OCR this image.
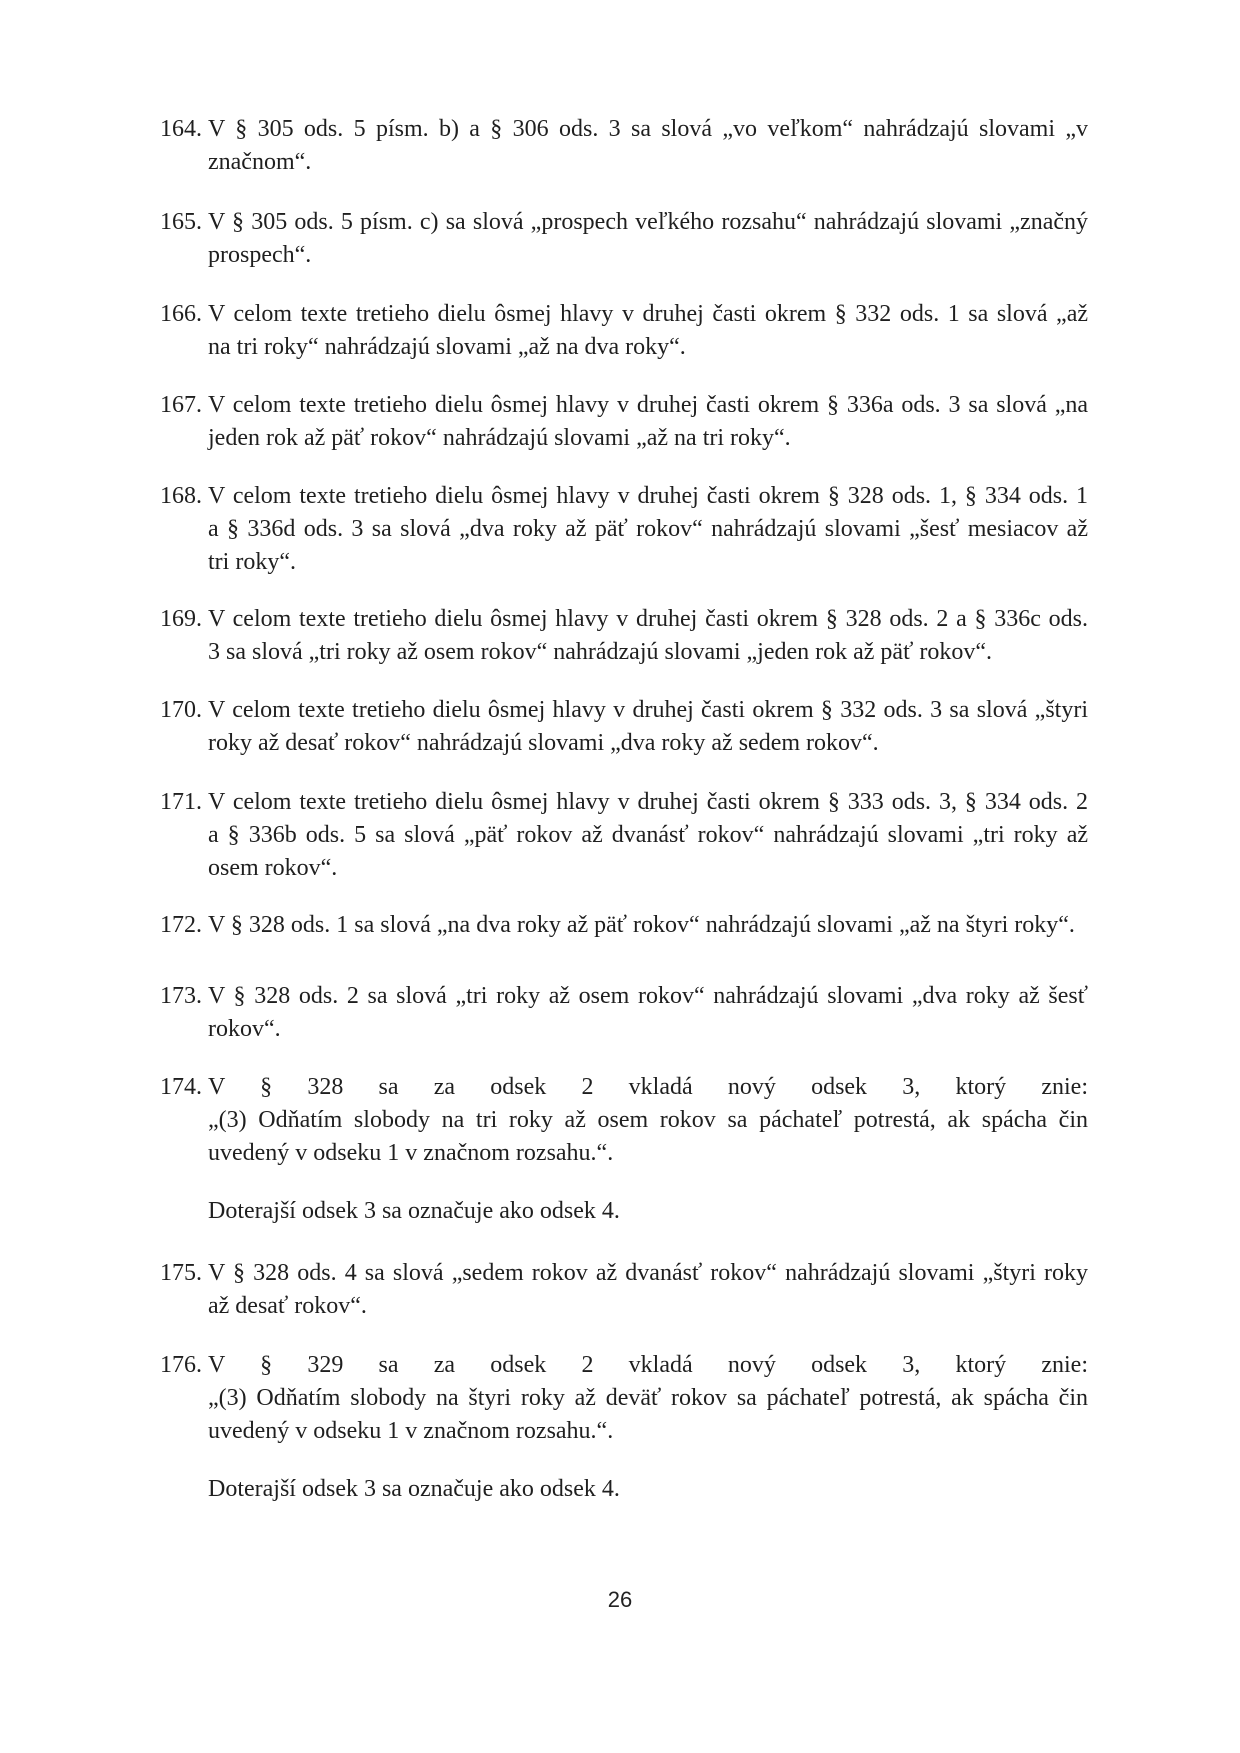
164. V § 305 ods. 5 písm. b) a § 306 ods. 3 sa slová „vo veľkom“ nahrádzajú slovami „v
značnom“.
165. V § 305 ods. 5 písm. c) sa slová „prospech veľkého rozsahu“ nahrádzajú slovami „značný
prospech“.
166. V celom texte tretieho dielu ôsmej hlavy v druhej časti okrem § 332 ods. 1 sa slová „až
na tri roky“ nahrádzajú slovami „až na dva roky“.
167. V celom texte tretieho dielu ôsmej hlavy v druhej časti okrem § 336a ods. 3 sa slová „na
jeden rok až päť rokov“ nahrádzajú slovami „až na tri roky“.
168. V celom texte tretieho dielu ôsmej hlavy v druhej časti okrem § 328 ods. 1, § 334 ods. 1
a § 336d ods. 3 sa slová „dva roky až päť rokov“ nahrádzajú slovami „šesť mesiacov až
tri roky“.
169. V celom texte tretieho dielu ôsmej hlavy v druhej časti okrem § 328 ods. 2 a § 336c ods.
3 sa slová „tri roky až osem rokov“ nahrádzajú slovami „jeden rok až päť rokov“.
170. V celom texte tretieho dielu ôsmej hlavy v druhej časti okrem § 332 ods. 3 sa slová „štyri
roky až desať rokov“ nahrádzajú slovami „dva roky až sedem rokov“.
171. V celom texte tretieho dielu ôsmej hlavy v druhej časti okrem § 333 ods. 3, § 334 ods. 2
a § 336b ods. 5 sa slová „päť rokov až dvanásť rokov“ nahrádzajú slovami „tri roky až
osem rokov“.
172. V § 328 ods. 1 sa slová „na dva roky až päť rokov“ nahrádzajú slovami „až na štyri roky“.
173. V § 328 ods. 2 sa slová „tri roky až osem rokov“ nahrádzajú slovami „dva roky až šesť
rokov“.
174. V § 328 sa za odsek 2 vkladá nový odsek 3, ktorý znie:
„(3) Odňatím slobody na tri roky až osem rokov sa páchateľ potrestá, ak spácha čin
uvedený v odseku 1 v značnom rozsahu.“.
Doterajší odsek 3 sa označuje ako odsek 4.
175. V § 328 ods. 4 sa slová „sedem rokov až dvanásť rokov“ nahrádzajú slovami „štyri roky
až desať rokov“.
176. V § 329 sa za odsek 2 vkladá nový odsek 3, ktorý znie:
„(3) Odňatím slobody na štyri roky až deväť rokov sa páchateľ potrestá, ak spácha čin
uvedený v odseku 1 v značnom rozsahu.“.
Doterajší odsek 3 sa označuje ako odsek 4.
26
